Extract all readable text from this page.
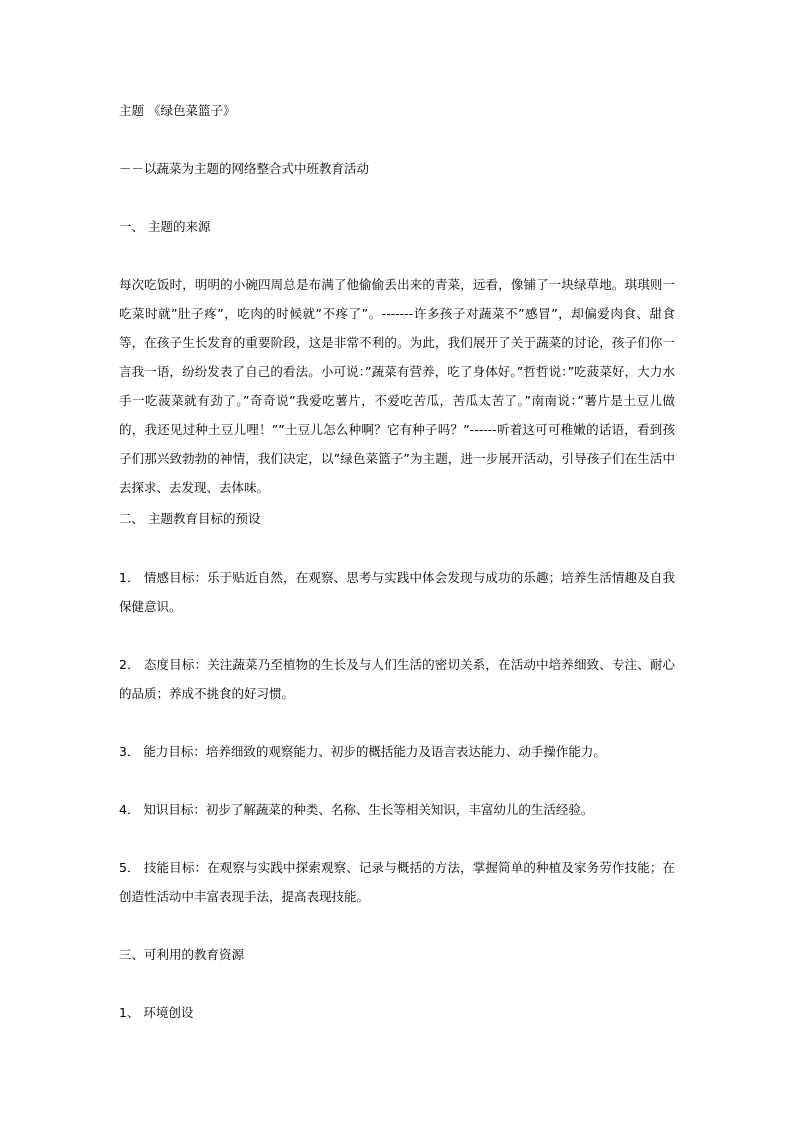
主题 《绿色菜篮子》
－－以蔬菜为主题的网络整合式中班教育活动
一、 主题的来源
每次吃饭时，明明的小碗四周总是布满了他偷偷丢出来的青菜，远看，像铺了一块绿草地。琪琪则一吃菜时就”肚子疼”，吃肉的时候就”不疼了”。-------许多孩子对蔬菜不”感冒”，却偏爱肉食、甜食等，在孩子生长发育的重要阶段，这是非常不利的。为此，我们展开了关于蔬菜的讨论，孩子们你一言我一语，纷纷发表了自己的看法。小可说：”蔬菜有营养，吃了身体好。”哲哲说：”吃菠菜好，大力水手一吃菠菜就有劲了。”奇奇说”我爱吃薯片，不爱吃苦瓜，苦瓜太苦了。”南南说：”薯片是土豆儿做的，我还见过种土豆儿哩！””土豆儿怎么种啊？它有种子吗？”------听着这可可稚嫩的话语，看到孩子们那兴致勃勃的神情，我们决定，以”绿色菜篮子”为主题，进一步展开活动，引导孩子们在生活中去探求、去发现、去体味。
二、 主题教育目标的预设
1． 情感目标：乐于贴近自然，在观察、思考与实践中体会发现与成功的乐趣；培养生活情趣及自我保健意识。
2． 态度目标：关注蔬菜乃至植物的生长及与人们生活的密切关系，在活动中培养细致、专注、耐心的品质；养成不挑食的好习惯。
3． 能力目标：培养细致的观察能力、初步的概括能力及语言表达能力、动手操作能力。
4． 知识目标：初步了解蔬菜的种类、名称、生长等相关知识，丰富幼儿的生活经验。
5． 技能目标：在观察与实践中探索观察、记录与概括的方法，掌握简单的种植及家务劳作技能；在创造性活动中丰富表现手法，提高表现技能。
三、可利用的教育资源
1、 环境创设
